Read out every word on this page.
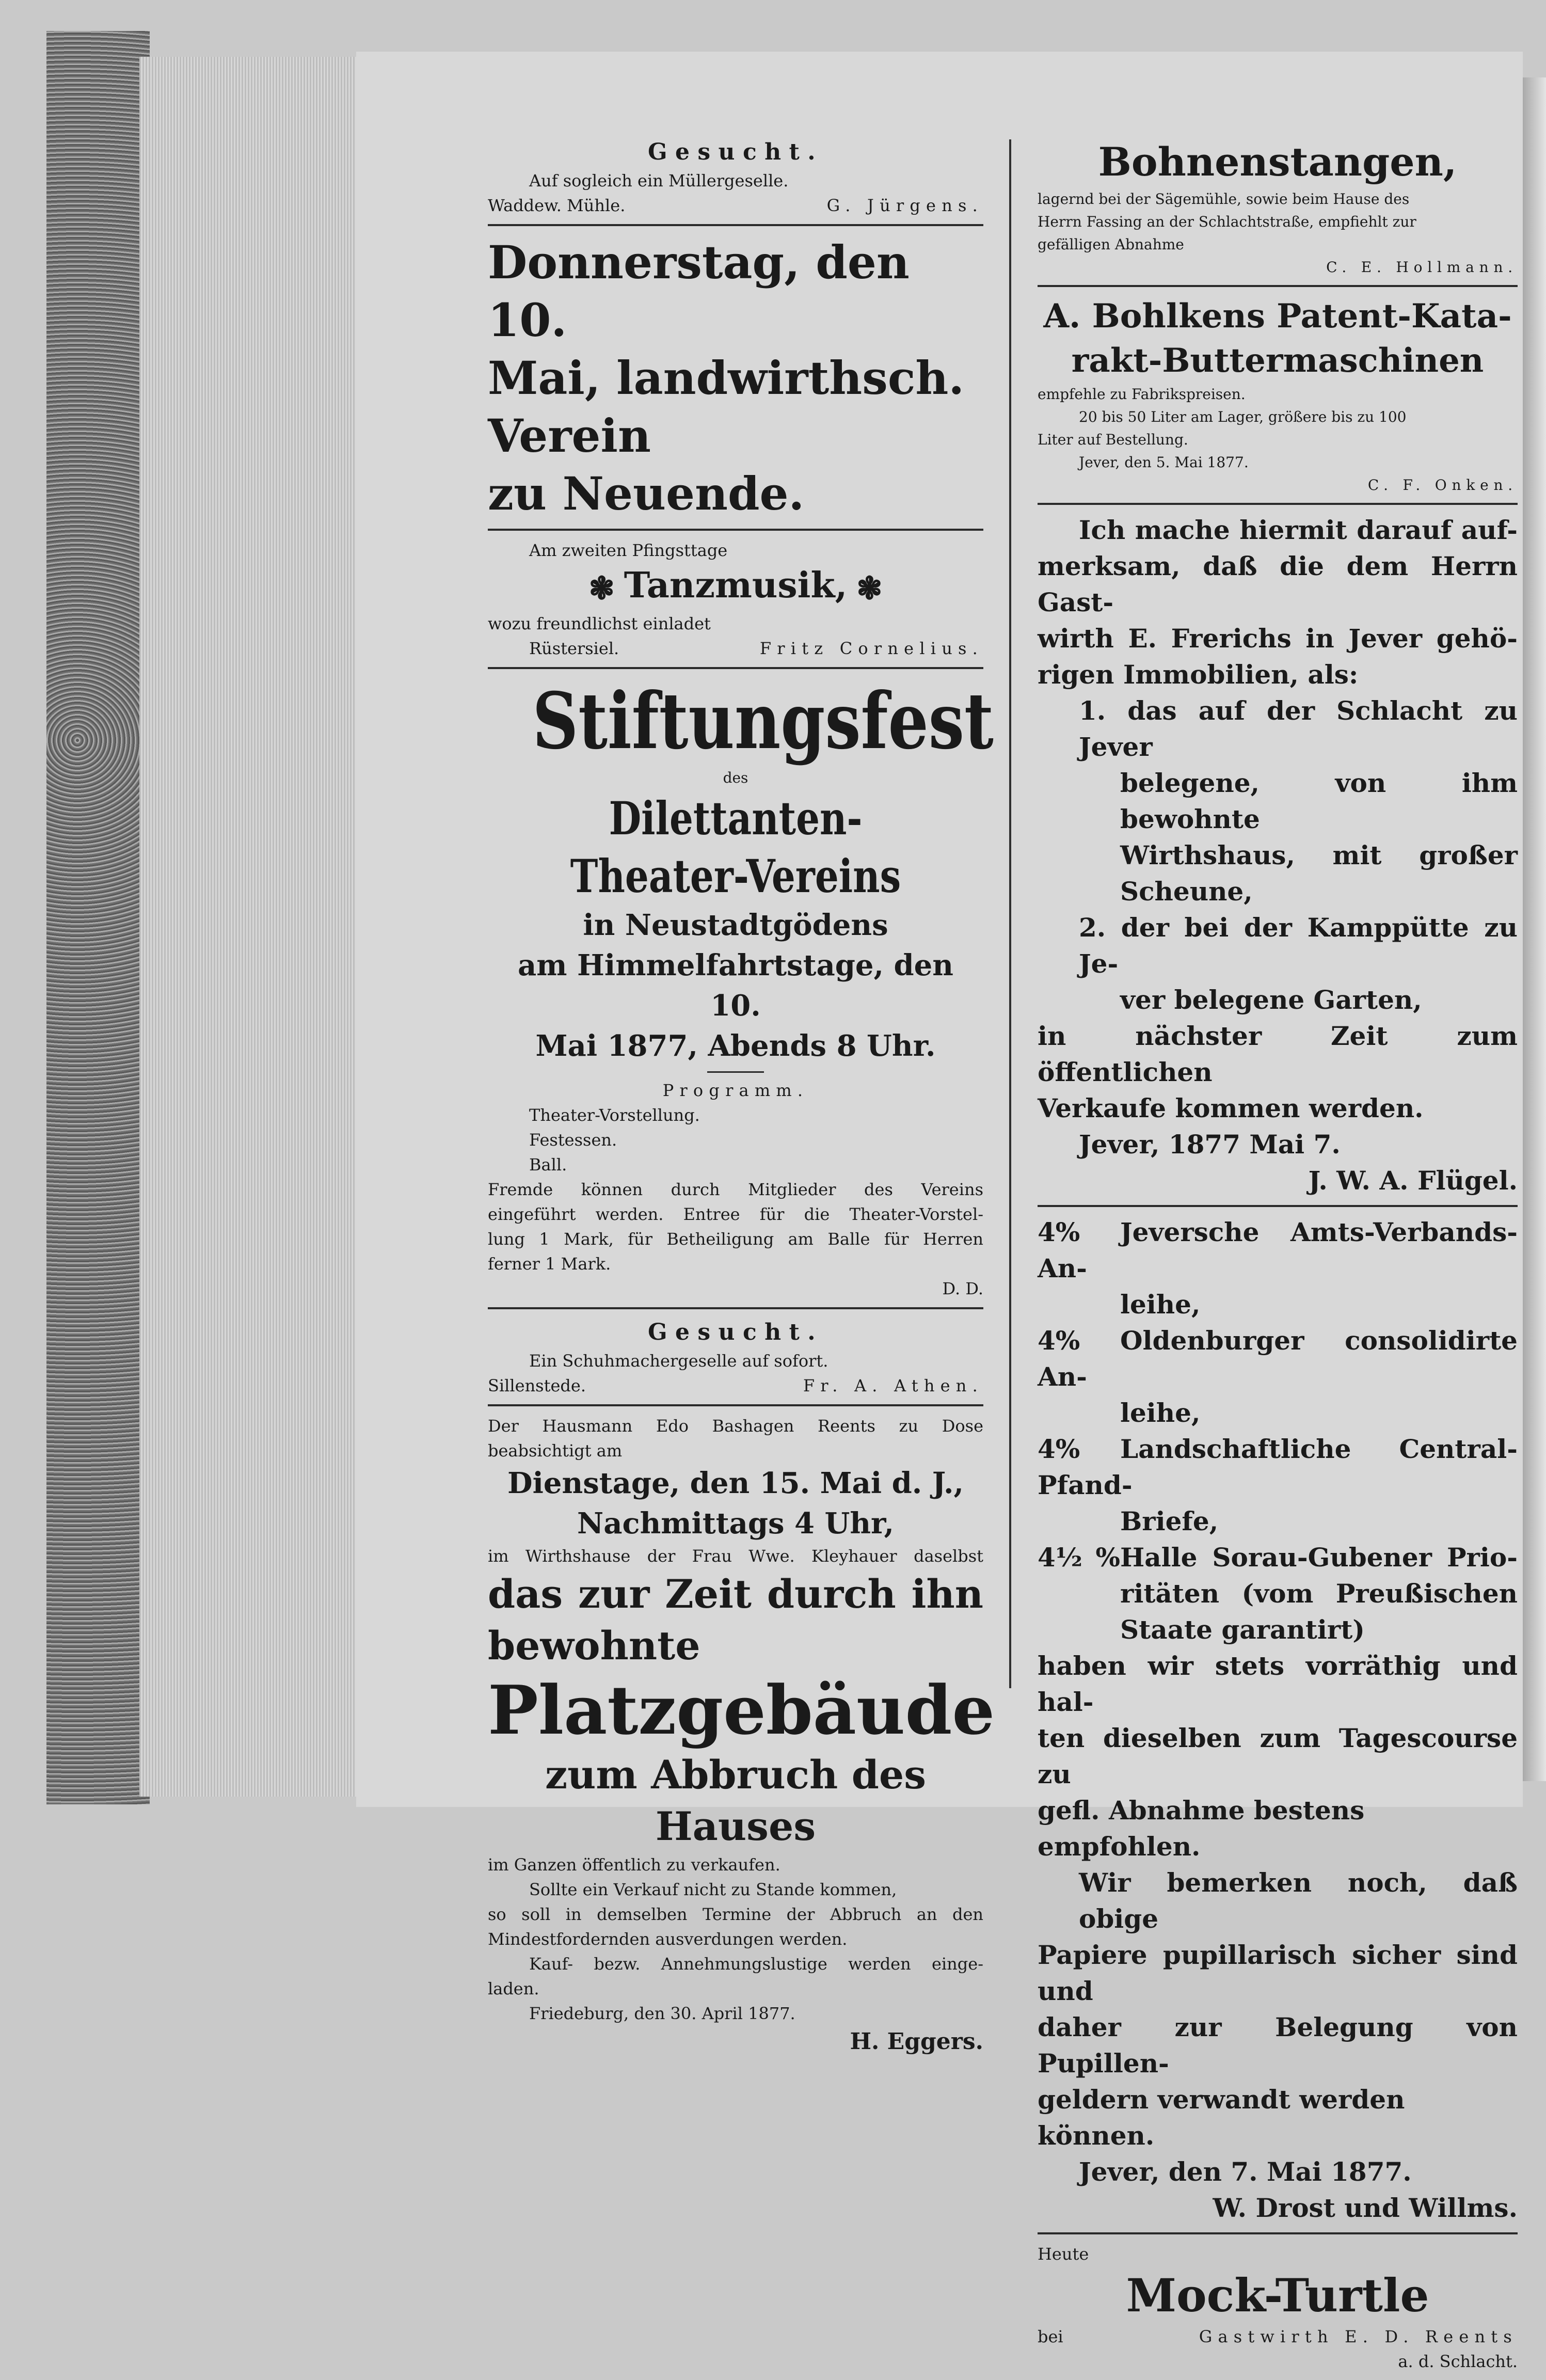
Gesucht.

Auf sogleich ein Müllergeselle.

Waddew. Mühle.	G. Jürgens.

Donnerstag, den 10.

Mai, landwirthsch. Verein

zu Neuende.

Am zweiten Pfingsttage

❃ Tanzmusik, ❃

wozu freundlichst einladet

Rüstersiel.	Fritz Cornelius.

Stiftungsfest

des

Dilettanten-Theater-Vereins

in Neustadtgödens

am Himmelfahrtstage, den 10.

Mai 1877, Abends 8 Uhr.

Programm.

Theater-Vorstellung.

Festessen.

Ball.

Fremde können durch Mitglieder des Vereins

eingeführt werden. Entree für die Theater-Vorstel-

lung 1 Mark, für Betheiligung am Balle für Herren

ferner 1 Mark.

D. D.

Gesucht.

Ein Schuhmachergeselle auf sofort.

Sillenstede.	Fr. A. Athen.

Der Hausmann Edo Bashagen Reents zu Dose

beabsichtigt am

Dienstage, den 15. Mai d. J.,

Nachmittags 4 Uhr,

im Wirthshause der Frau Wwe. Kleyhauer daselbst

das zur Zeit durch ihn

bewohnte

Platzgebäude

zum Abbruch des Hauses

im Ganzen öffentlich zu verkaufen.

Sollte ein Verkauf nicht zu Stande kommen,

so soll in demselben Termine der Abbruch an den

Mindestfordernden ausverdungen werden.

Kauf- bezw. Annehmungslustige werden einge-

laden.

Friedeburg, den 30. April 1877.

H. Eggers.

Bohnenstangen,

lagernd bei der Sägemühle, sowie beim Hause des

Herrn Fassing an der Schlachtstraße, empfiehlt zur

gefälligen Abnahme

C. E. Hollmann.

A. Bohlkens Patent-Kata-

rakt-Buttermaschinen

empfehle zu Fabrikspreisen.

20 bis 50 Liter am Lager, größere bis zu 100

Liter auf Bestellung.

Jever, den 5. Mai 1877.

C. F. Onken.

Ich mache hiermit darauf auf-

merksam, daß die dem Herrn Gast-

wirth E. Frerichs in Jever gehö-

rigen Immobilien, als:

1. das auf der Schlacht zu Jever

belegene, von ihm bewohnte

Wirthshaus, mit großer

Scheune,

2. der bei der Kamppütte zu Je-

ver belegene Garten,

in nächster Zeit zum öffentlichen

Verkaufe kommen werden.

Jever, 1877 Mai 7.

J. W. A. Flügel.

4% Jeversche Amts-Verbands-An-

leihe,

4% Oldenburger consolidirte An-

leihe,

4% Landschaftliche Central-Pfand-

Briefe,

4½ %Halle Sorau-Gubener Prio-

ritäten (vom Preußischen

Staate garantirt)

haben wir stets vorräthig und hal-

ten dieselben zum Tagescourse zu

gefl. Abnahme bestens empfohlen.

Wir bemerken noch, daß obige

Papiere pupillarisch sicher sind und

daher zur Belegung von Pupillen-

geldern verwandt werden können.

Jever, den 7. Mai 1877.

W. Drost und Willms.

Heute

Mock-Turtle

bei	Gastwirth E. D. Reents

a. d. Schlacht.
